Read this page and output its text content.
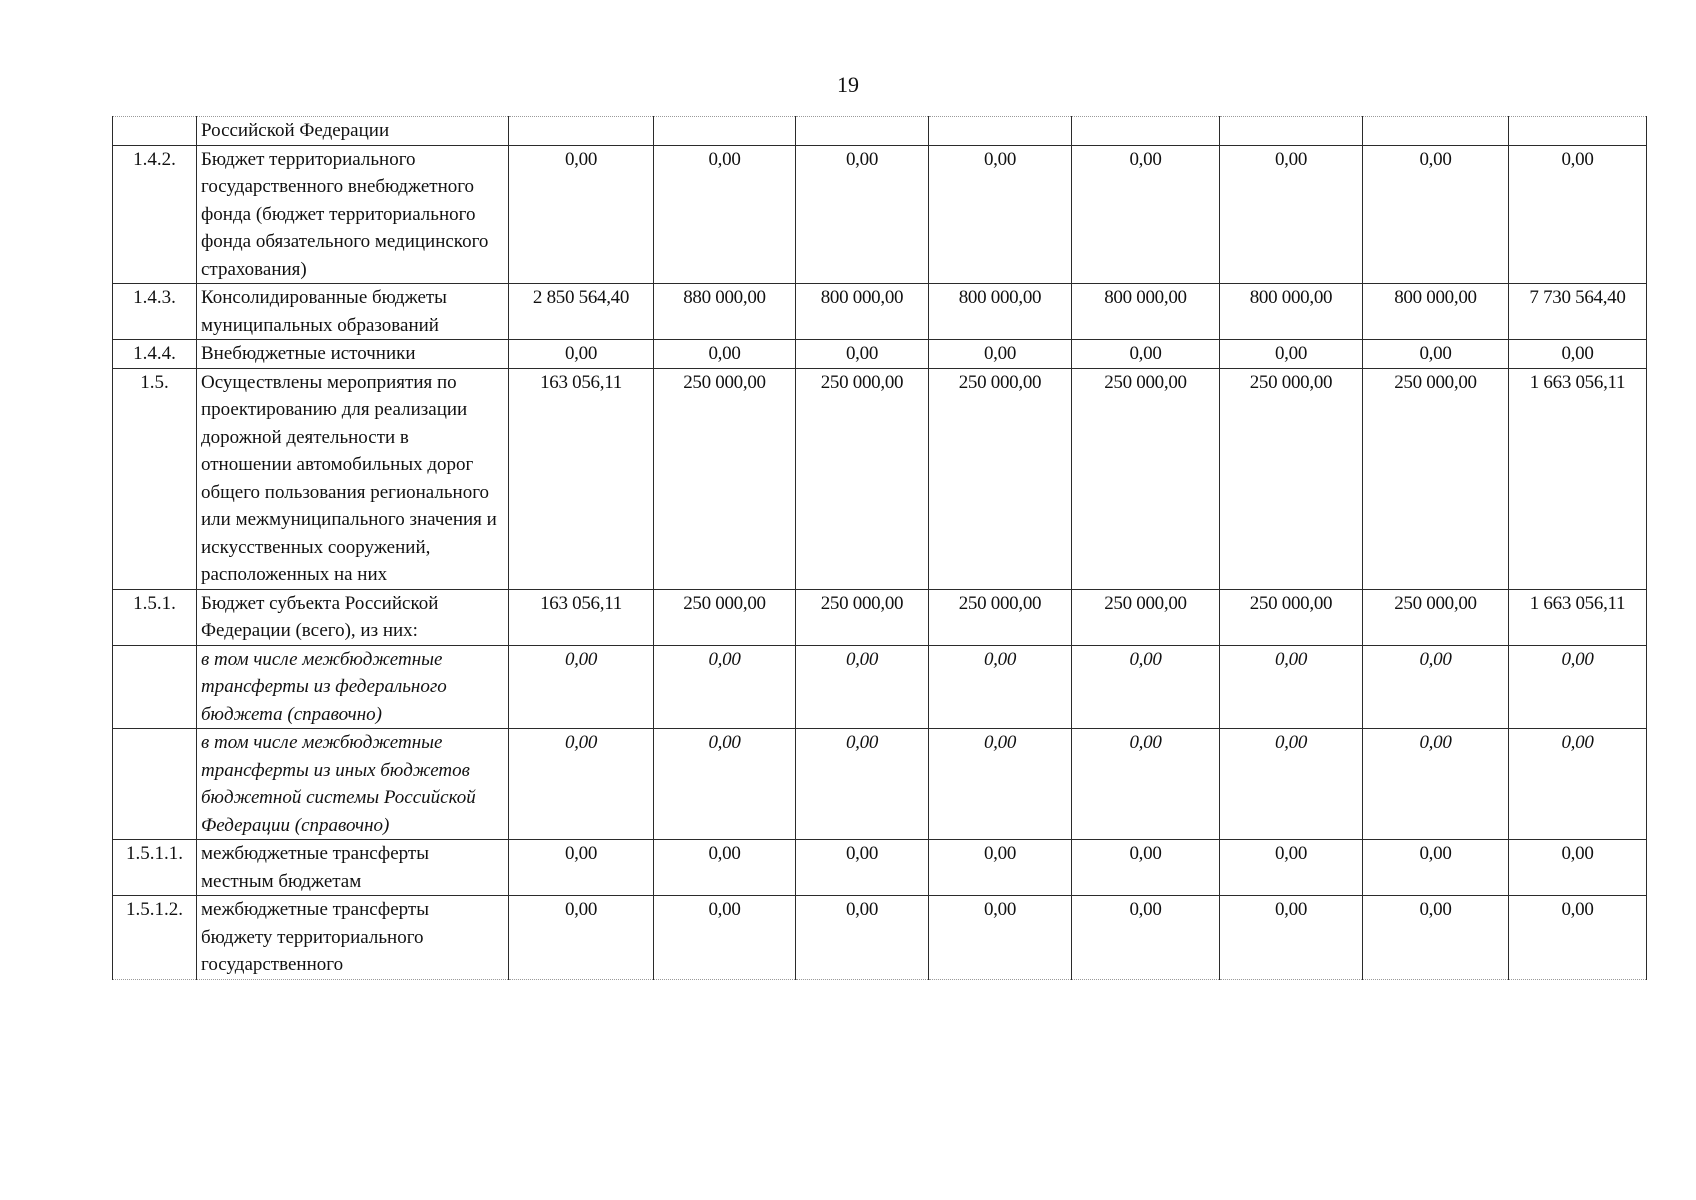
19
	Российской Федерации								
1.4.2.	Бюджет территориального государственного внебюджетного фонда (бюджет территориального фонда обязательного медицинского страхования)	0,00	0,00	0,00	0,00	0,00	0,00	0,00	0,00
1.4.3.	Консолидированные бюджеты муниципальных образований	2 850 564,40	880 000,00	800 000,00	800 000,00	800 000,00	800 000,00	800 000,00	7 730 564,40
1.4.4.	Внебюджетные источники	0,00	0,00	0,00	0,00	0,00	0,00	0,00	0,00
1.5.	Осуществлены мероприятия по проектированию для реализации дорожной деятельности в отношении автомобильных дорог общего пользования регионального или межмуниципального значения и искусственных сооружений, расположенных на них	163 056,11	250 000,00	250 000,00	250 000,00	250 000,00	250 000,00	250 000,00	1 663 056,11
1.5.1.	Бюджет субъекта Российской Федерации (всего), из них:	163 056,11	250 000,00	250 000,00	250 000,00	250 000,00	250 000,00	250 000,00	1 663 056,11
	в том числе межбюджетные трансферты из федерального бюджета (справочно)	0,00	0,00	0,00	0,00	0,00	0,00	0,00	0,00
	в том числе межбюджетные трансферты из иных бюджетов бюджетной системы Российской Федерации (справочно)	0,00	0,00	0,00	0,00	0,00	0,00	0,00	0,00
1.5.1.1.	межбюджетные трансферты местным бюджетам	0,00	0,00	0,00	0,00	0,00	0,00	0,00	0,00
1.5.1.2.	межбюджетные трансферты бюджету территориального государственного	0,00	0,00	0,00	0,00	0,00	0,00	0,00	0,00
